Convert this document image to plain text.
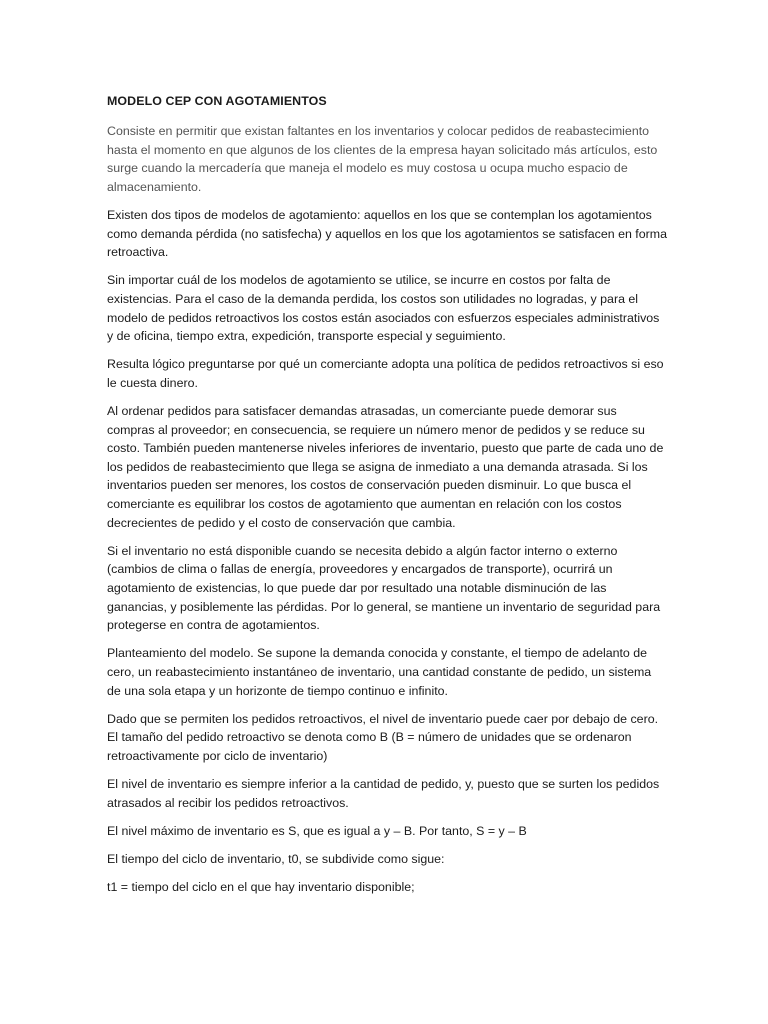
MODELO CEP CON AGOTAMIENTOS

Consiste en permitir que existan faltantes en los inventarios y colocar pedidos de reabastecimiento hasta el momento en que algunos de los clientes de la empresa hayan solicitado más artículos, esto surge cuando la mercadería que maneja el modelo es muy costosa u ocupa mucho espacio de almacenamiento.

Existen dos tipos de modelos de agotamiento: aquellos en los que se contemplan los agotamientos como demanda pérdida (no satisfecha) y aquellos en los que los agotamientos se satisfacen en forma retroactiva.

Sin importar cuál de los modelos de agotamiento se utilice, se incurre en costos por falta de existencias. Para el caso de la demanda perdida, los costos son utilidades no logradas, y para el modelo de pedidos retroactivos los costos están asociados con esfuerzos especiales administrativos y de oficina, tiempo extra, expedición, transporte especial y seguimiento.

Resulta lógico preguntarse por qué un comerciante adopta una política de pedidos retroactivos si eso le cuesta dinero.

Al ordenar pedidos para satisfacer demandas atrasadas, un comerciante puede demorar sus compras al proveedor; en consecuencia, se requiere un número menor de pedidos y se reduce su costo. También pueden mantenerse niveles inferiores de inventario, puesto que parte de cada uno de los pedidos de reabastecimiento que llega se asigna de inmediato a una demanda atrasada. Si los inventarios pueden ser menores, los costos de conservación pueden disminuir. Lo que busca el comerciante es equilibrar los costos de agotamiento que aumentan en relación con los costos decrecientes de pedido y el costo de conservación que cambia.

Si el inventario no está disponible cuando se necesita debido a algún factor interno o externo (cambios de clima o fallas de energía, proveedores y encargados de transporte), ocurrirá un agotamiento de existencias, lo que puede dar por resultado una notable disminución de las ganancias, y posiblemente las pérdidas. Por lo general, se mantiene un inventario de seguridad para protegerse en contra de agotamientos.

Planteamiento del modelo. Se supone la demanda conocida y constante, el tiempo de adelanto de cero, un reabastecimiento instantáneo de inventario, una cantidad constante de pedido, un sistema de una sola etapa y un horizonte de tiempo continuo e infinito.

Dado que se permiten los pedidos retroactivos, el nivel de inventario puede caer por debajo de cero. El tamaño del pedido retroactivo se denota como B (B = número de unidades que se ordenaron retroactivamente por ciclo de inventario)

El nivel de inventario es siempre inferior a la cantidad de pedido, y, puesto que se surten los pedidos atrasados al recibir los pedidos retroactivos.

El nivel máximo de inventario es S, que es igual a y – B. Por tanto, S = y – B

El tiempo del ciclo de inventario, t0, se subdivide como sigue:

t1 = tiempo del ciclo en el que hay inventario disponible;
